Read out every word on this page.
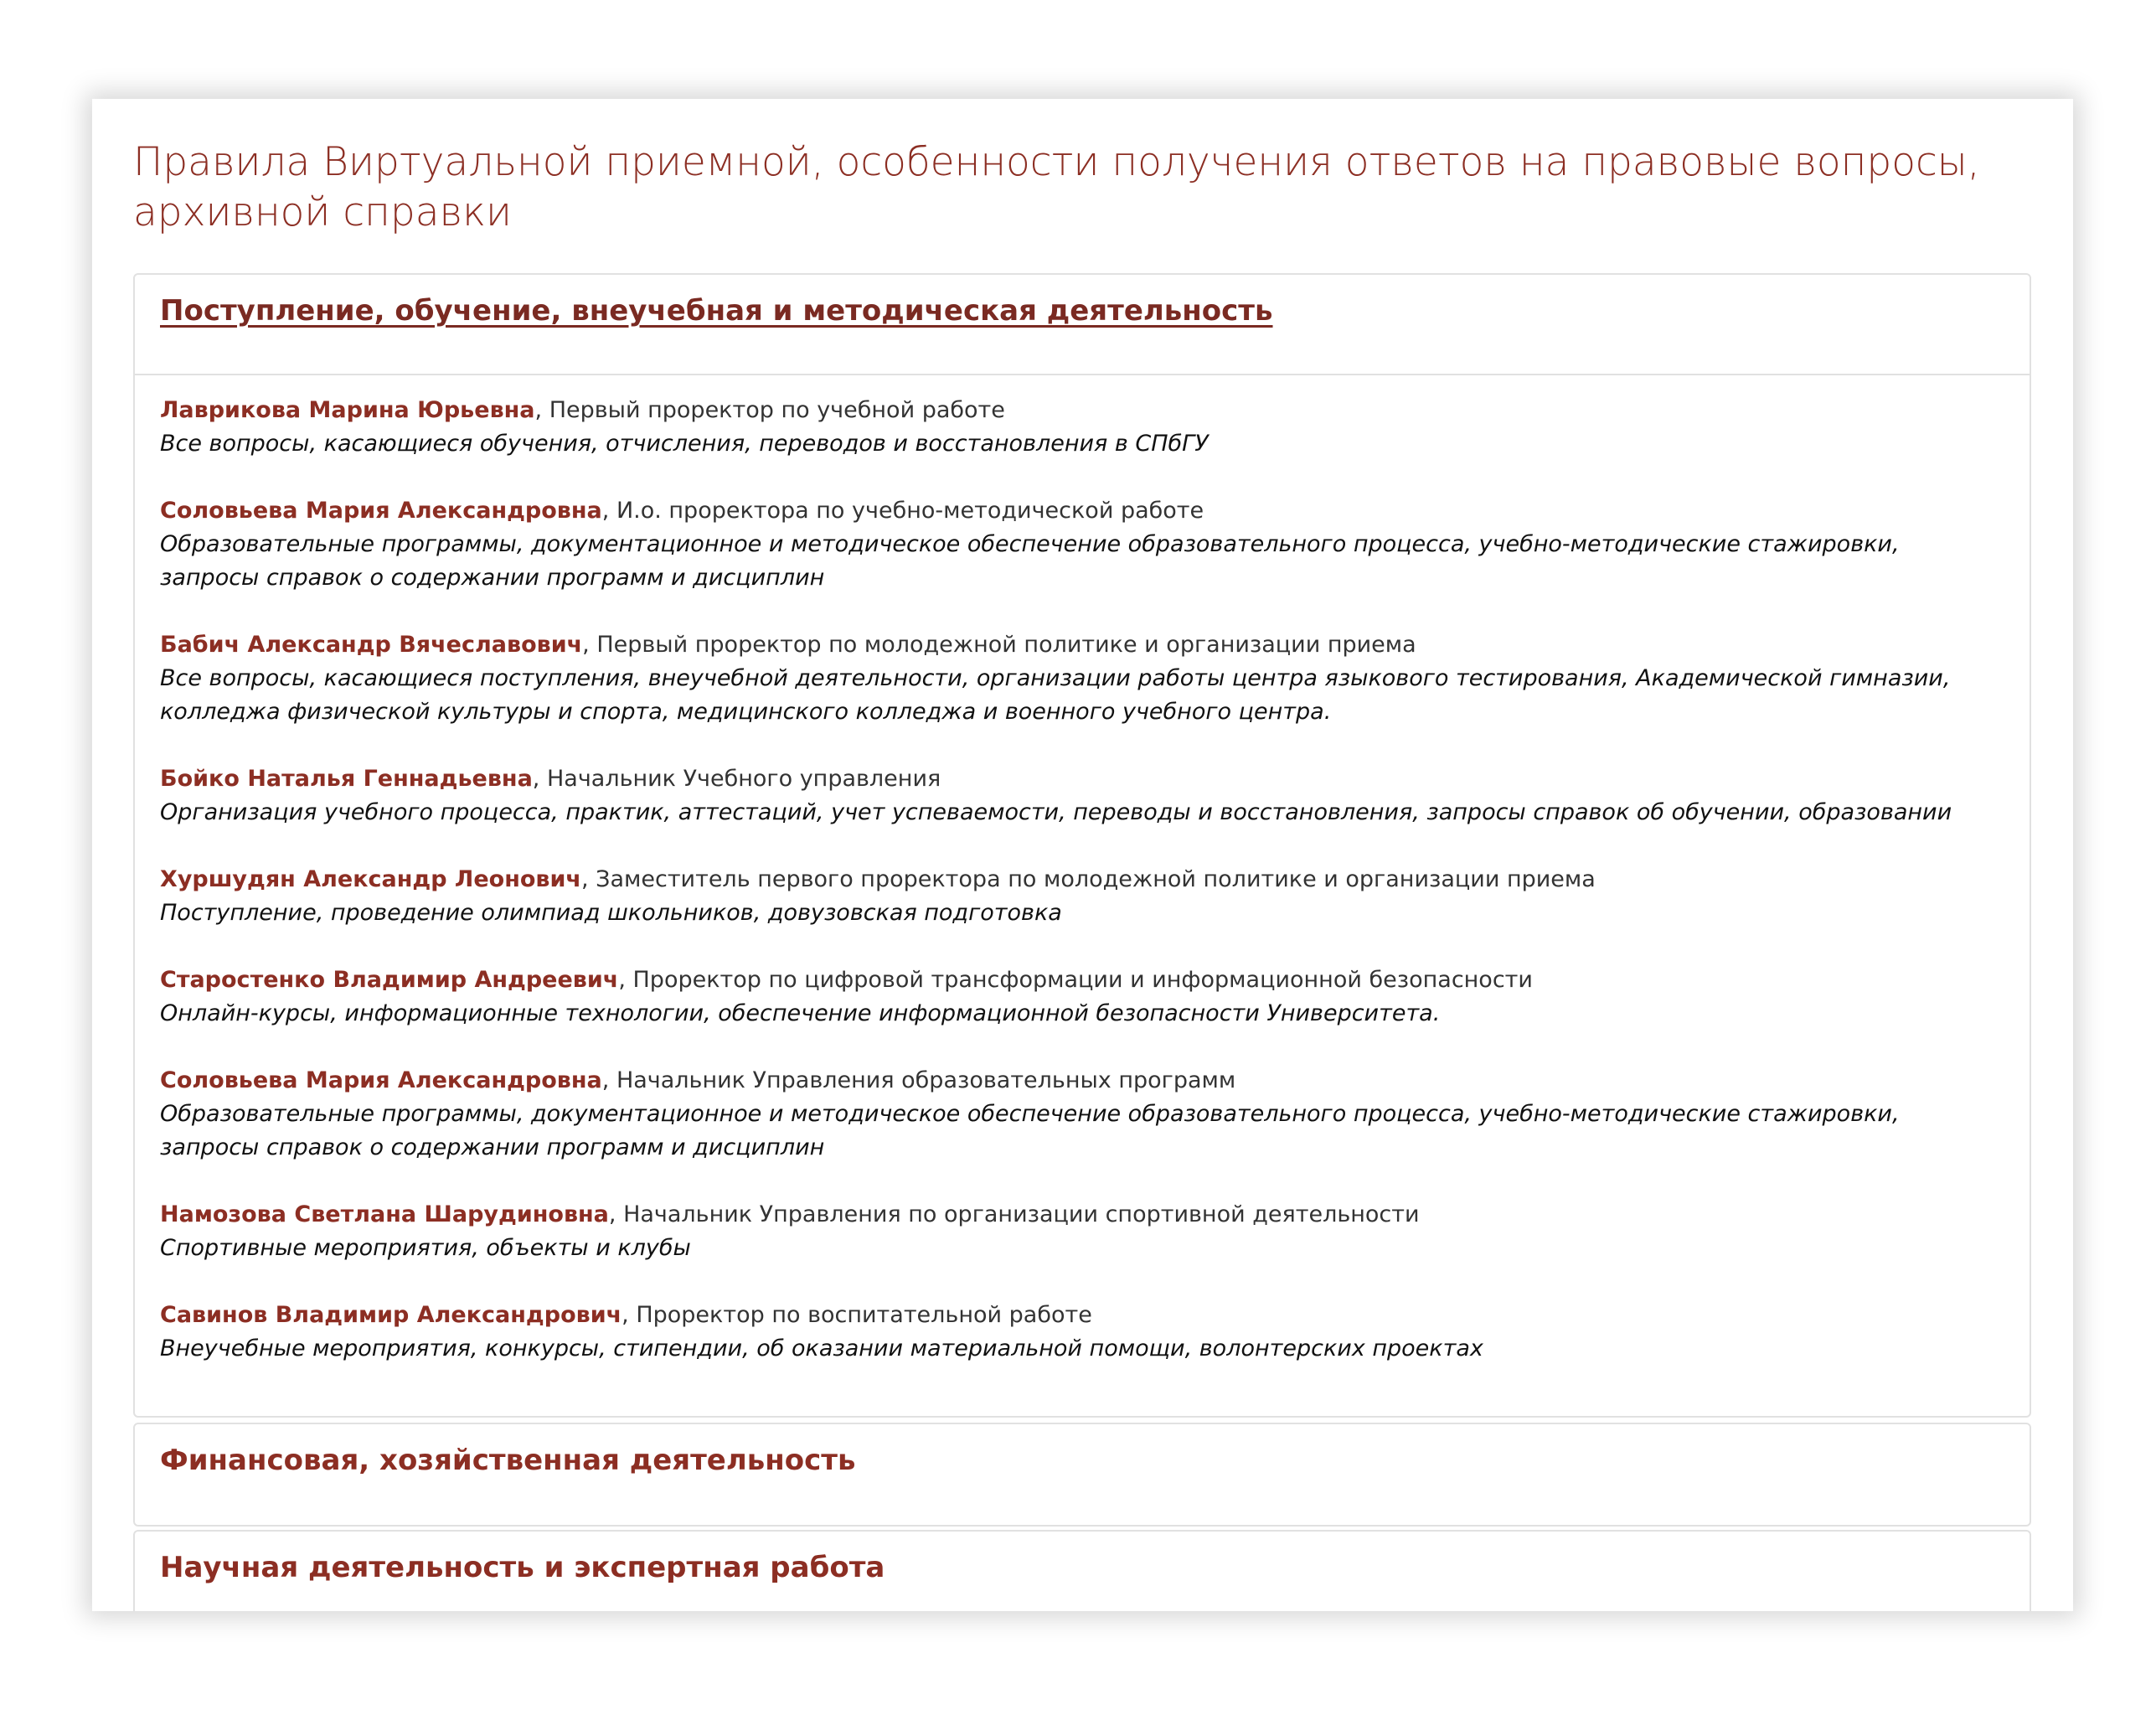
Правила Виртуальной приемной, особенности получения ответов на правовые вопросы, архивной справки
Поступление, обучение, внеучебная и методическая деятельность
Лаврикова Марина Юрьевна, Первый проректор по учебной работе
Все вопросы, касающиеся обучения, отчисления, переводов и восстановления в СПбГУ
Соловьева Мария Александровна, И.о. проректора по учебно-методической работе
Образовательные программы, документационное и методическое обеспечение образовательного процесса, учебно-методические стажировки, запросы справок о содержании программ и дисциплин
Бабич Александр Вячеславович, Первый проректор по молодежной политике и организации приема
Все вопросы, касающиеся поступления, внеучебной деятельности, организации работы центра языкового тестирования, Академической гимназии, колледжа физической культуры и спорта, медицинского колледжа и военного учебного центра.
Бойко Наталья Геннадьевна, Начальник Учебного управления
Организация учебного процесса, практик, аттестаций, учет успеваемости, переводы и восстановления, запросы справок об обучении, образовании
Хуршудян Александр Леонович, Заместитель первого проректора по молодежной политике и организации приема
Поступление, проведение олимпиад школьников, довузовская подготовка
Старостенко Владимир Андреевич, Проректор по цифровой трансформации и информационной безопасности
Онлайн-курсы, информационные технологии, обеспечение информационной безопасности Университета.
Соловьева Мария Александровна, Начальник Управления образовательных программ
Образовательные программы, документационное и методическое обеспечение образовательного процесса, учебно-методические стажировки, запросы справок о содержании программ и дисциплин
Намозова Светлана Шарудиновна, Начальник Управления по организации спортивной деятельности
Спортивные мероприятия, объекты и клубы
Савинов Владимир Александрович, Проректор по воспитательной работе
Внеучебные мероприятия, конкурсы, стипендии, об оказании материальной помощи, волонтерских проектах
Финансовая, хозяйственная деятельность
Научная деятельность и экспертная работа
